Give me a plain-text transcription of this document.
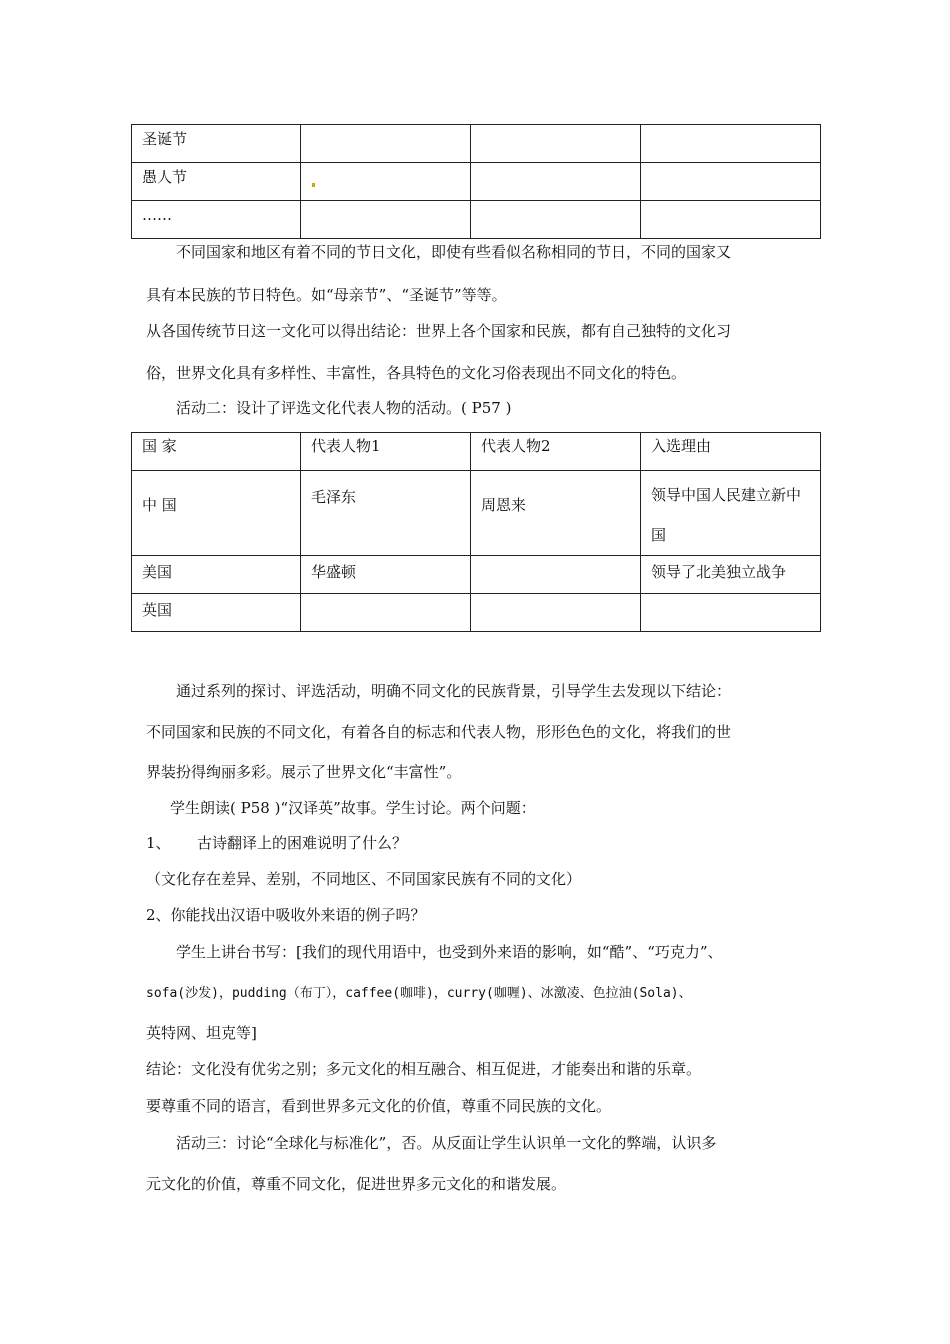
圣诞节			
愚人节			
……			
不同国家和地区有着不同的节日文化，即使有些看似名称相同的节日，不同的国家又
具有本民族的节日特色。如“母亲节”、“圣诞节”等等。
从各国传统节日这一文化可以得出结论：世界上各个国家和民族，都有自己独特的文化习
俗，世界文化具有多样性、丰富性，各具特色的文化习俗表现出不同文化的特色。
活动二：设计了评选文化代表人物的活动。( P57 )
国 家	代表人物1	代表人物2	入选理由
中 国	毛泽东	周恩来	领导中国人民建立新中国
美国	华盛顿		领导了北美独立战争
英国			
通过系列的探讨、评选活动，明确不同文化的民族背景，引导学生去发现以下结论：
不同国家和民族的不同文化，有着各自的标志和代表人物，形形色色的文化，将我们的世
界装扮得绚丽多彩。展示了世界文化“丰富性”。
学生朗读( P58 )“汉译英”故事。学生讨论。两个问题：
1、 古诗翻译上的困难说明了什么？
（文化存在差异、差别，不同地区、不同国家民族有不同的文化）
2、你能找出汉语中吸收外来语的例子吗？
学生上讲台书写：[我们的现代用语中，也受到外来语的影响，如“酷”、“巧克力”、
sofa(沙发)，pudding（布丁），caffee(咖啡)，curry(咖喱)、冰激凌、色拉油(Sola)、
英特网、坦克等]
结论：文化没有优劣之别；多元文化的相互融合、相互促进，才能奏出和谐的乐章。
要尊重不同的语言，看到世界多元文化的价值，尊重不同民族的文化。
活动三：讨论“全球化与标准化”，否。从反面让学生认识单一文化的弊端，认识多
元文化的价值，尊重不同文化，促进世界多元文化的和谐发展。
